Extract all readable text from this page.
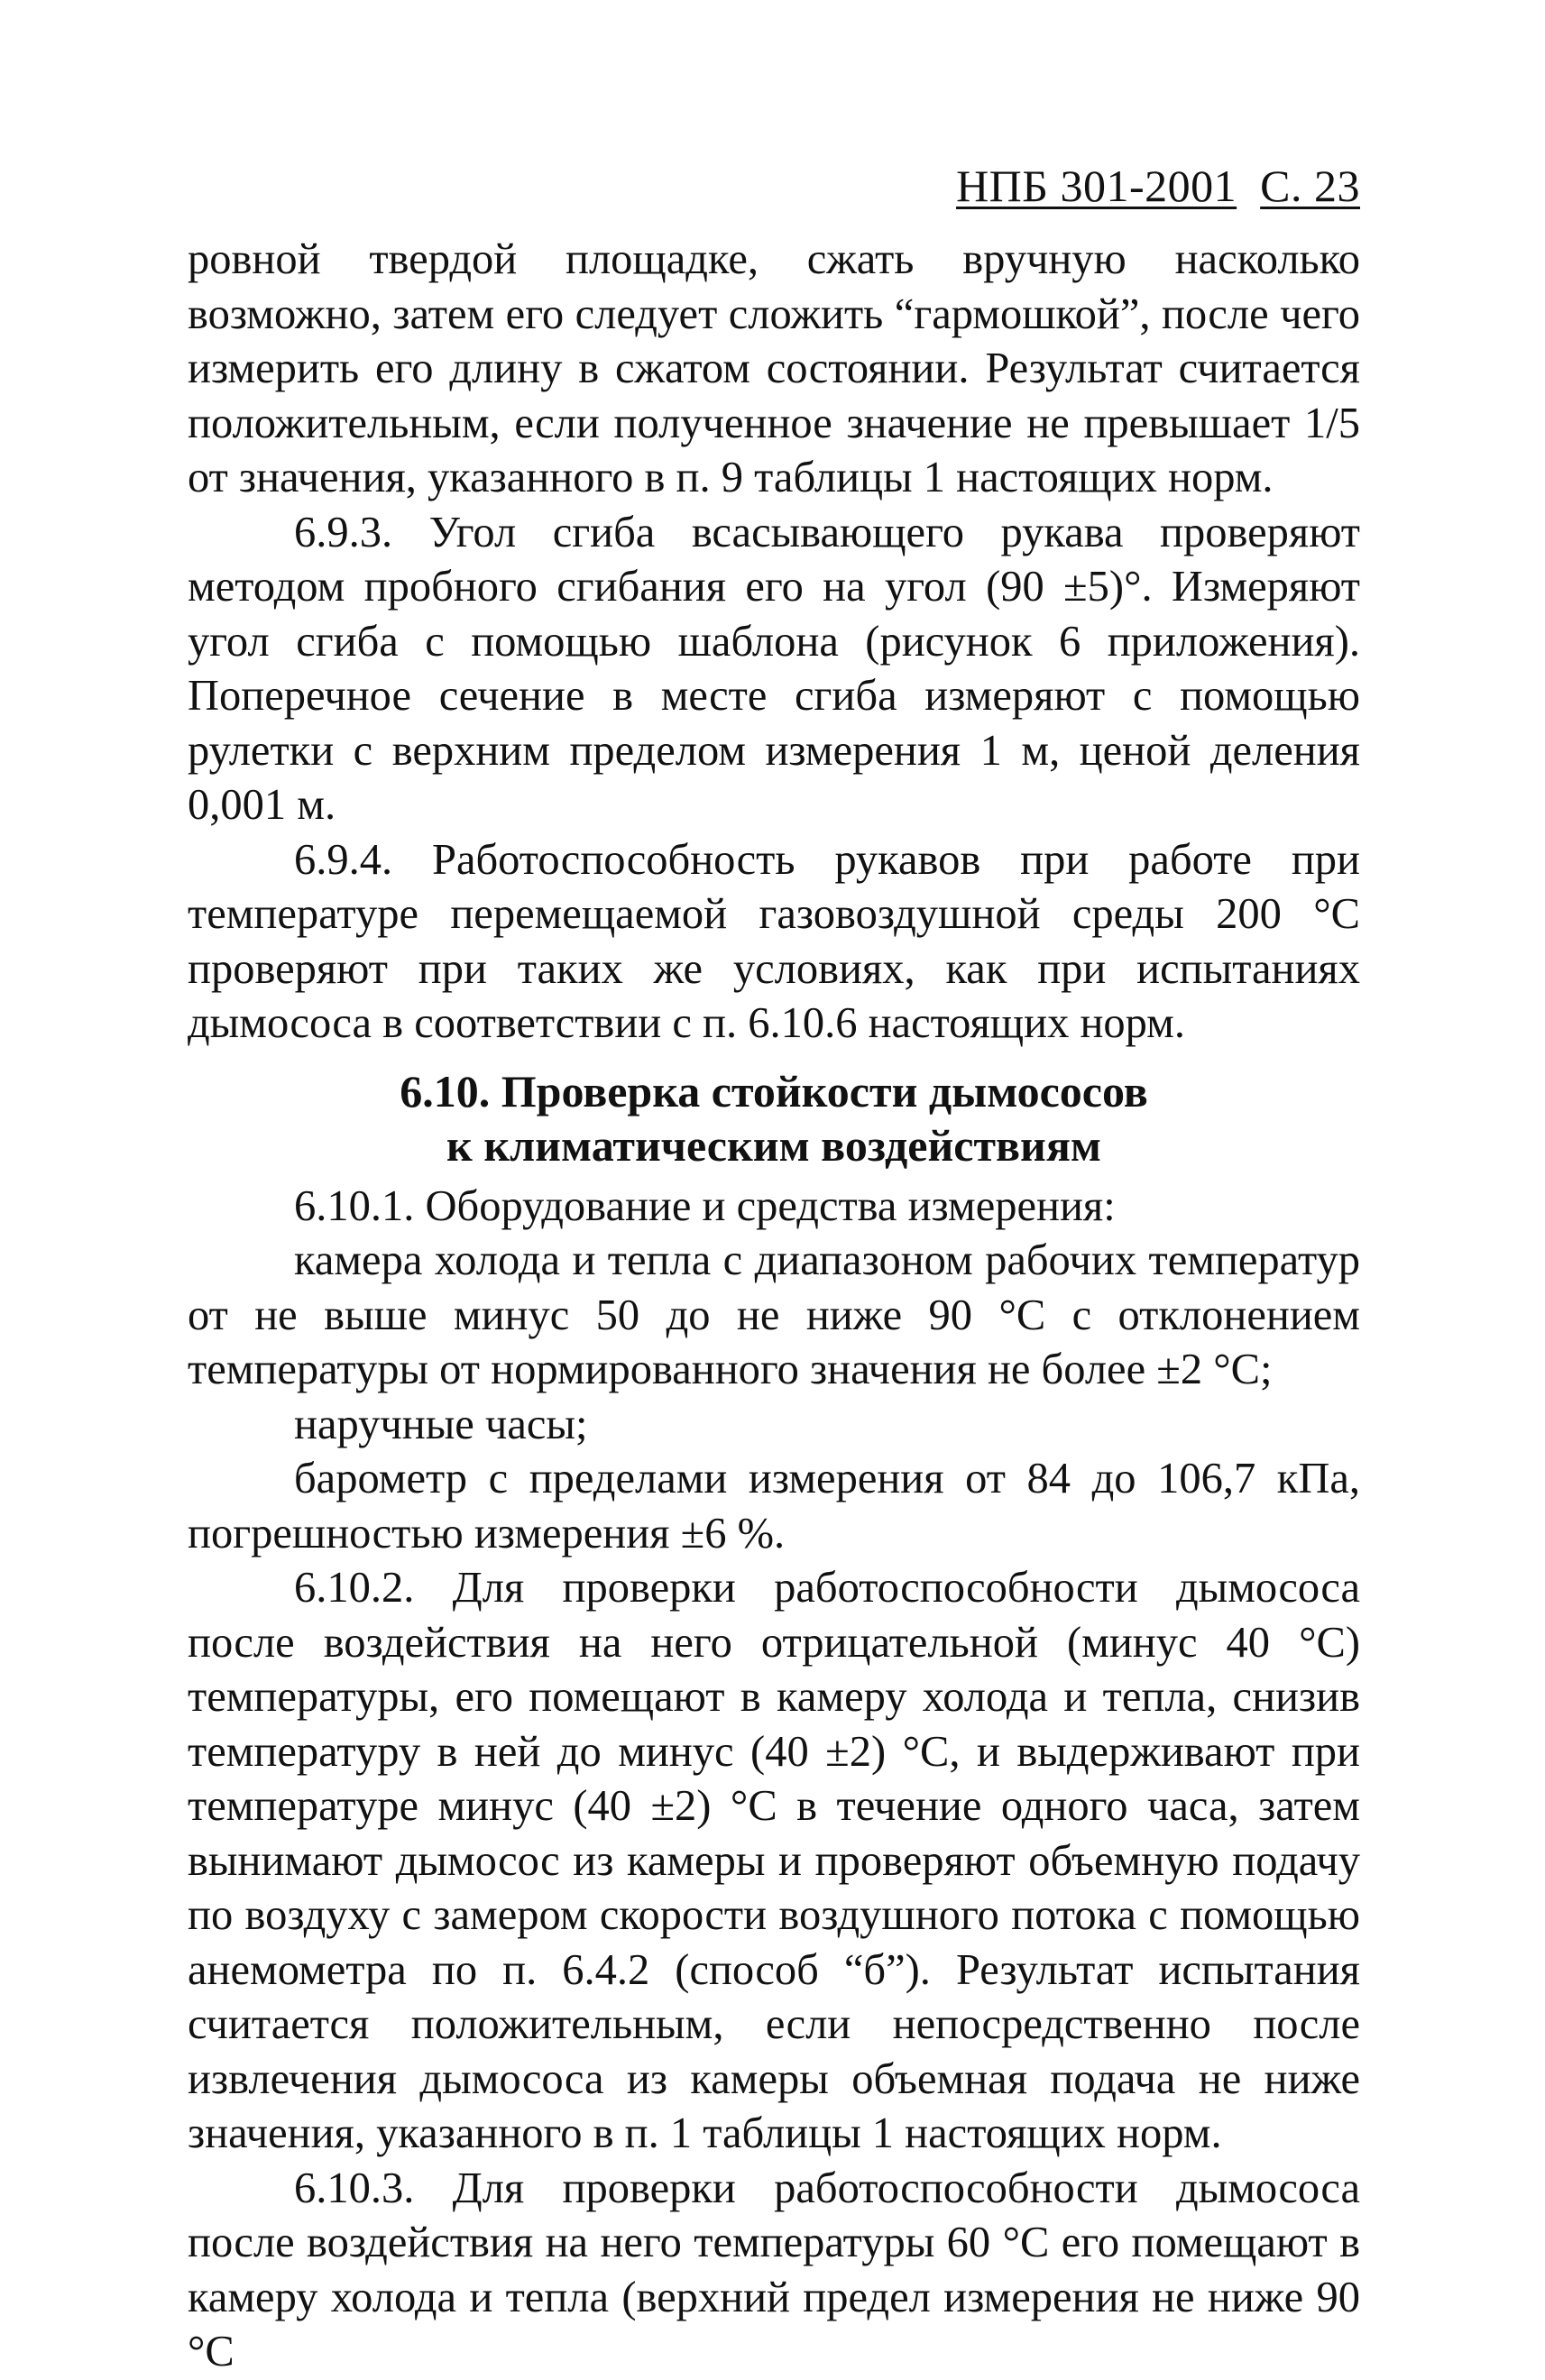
НПБ 301-2001 С. 23

ровной твердой площадке, сжать вручную насколько возможно, затем его следует сложить “гармошкой”, после чего измерить его длину в сжатом состоянии. Результат считается положительным, если полученное значение не превышает 1/5 от значения, указанного в п. 9 таблицы 1 настоящих норм.

6.9.3. Угол сгиба всасывающего рукава проверяют методом пробного сгибания его на угол (90 ±5)°. Измеряют угол сгиба с помощью шаблона (рисунок 6 приложения). Поперечное сечение в месте сгиба измеряют с помощью рулетки с верхним пределом измерения 1 м, ценой деления 0,001 м.

6.9.4. Работоспособность рукавов при работе при температуре перемещаемой газовоздушной среды 200 °С проверяют при таких же условиях, как при испытаниях дымососа в соответствии с п. 6.10.6 настоящих норм.

6.10. Проверка стойкости дымососов
к климатическим воздействиям

6.10.1. Оборудование и средства измерения:

камера холода и тепла с диапазоном рабочих температур от не выше минус 50 до не ниже 90 °С с отклонением температуры от нормированного значения не более ±2 °С;

наручные часы;

барометр с пределами измерения от 84 до 106,7 кПа, погрешностью измерения ±6 %.

6.10.2. Для проверки работоспособности дымососа после воздействия на него отрицательной (минус 40 °С) температуры, его помещают в камеру холода и тепла, снизив температуру в ней до минус (40 ±2) °С, и выдерживают при температуре минус (40 ±2) °С в течение одного часа, затем вынимают дымосос из камеры и проверяют объемную подачу по воздуху с замером скорости воздушного потока с помощью анемометра по п. 6.4.2 (способ “б”). Результат испытания считается положительным, если непосредственно после извлечения дымососа из камеры объемная подача не ниже значения, указанного в п. 1 таблицы 1 настоящих норм.

6.10.3. Для проверки работоспособности дымососа после воздействия на него температуры 60 °С его помещают в камеру холода и тепла (верхний предел измерения не ниже 90 °С
